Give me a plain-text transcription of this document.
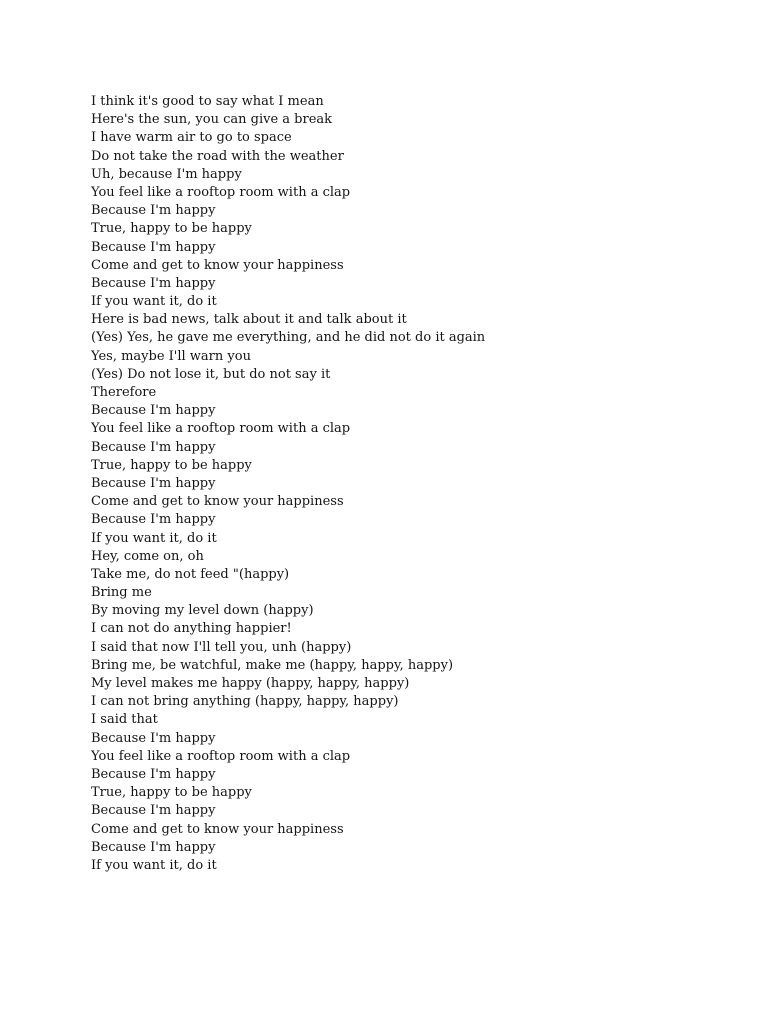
I think it's good to say what I mean
Here's the sun, you can give a break
I have warm air to go to space
Do not take the road with the weather
Uh, because I'm happy
You feel like a rooftop room with a clap
Because I'm happy
True, happy to be happy
Because I'm happy
Come and get to know your happiness
Because I'm happy
If you want it, do it
Here is bad news, talk about it and talk about it
(Yes) Yes, he gave me everything, and he did not do it again
Yes, maybe I'll warn you
(Yes) Do not lose it, but do not say it
Therefore
Because I'm happy
You feel like a rooftop room with a clap
Because I'm happy
True, happy to be happy
Because I'm happy
Come and get to know your happiness
Because I'm happy
If you want it, do it
Hey, come on, oh
Take me, do not feed "(happy)
Bring me
By moving my level down (happy)
I can not do anything happier!
I said that now I'll tell you, unh (happy)
Bring me, be watchful, make me (happy, happy, happy)
My level makes me happy (happy, happy, happy)
I can not bring anything (happy, happy, happy)
I said that
Because I'm happy
You feel like a rooftop room with a clap
Because I'm happy
True, happy to be happy
Because I'm happy
Come and get to know your happiness
Because I'm happy
If you want it, do it
